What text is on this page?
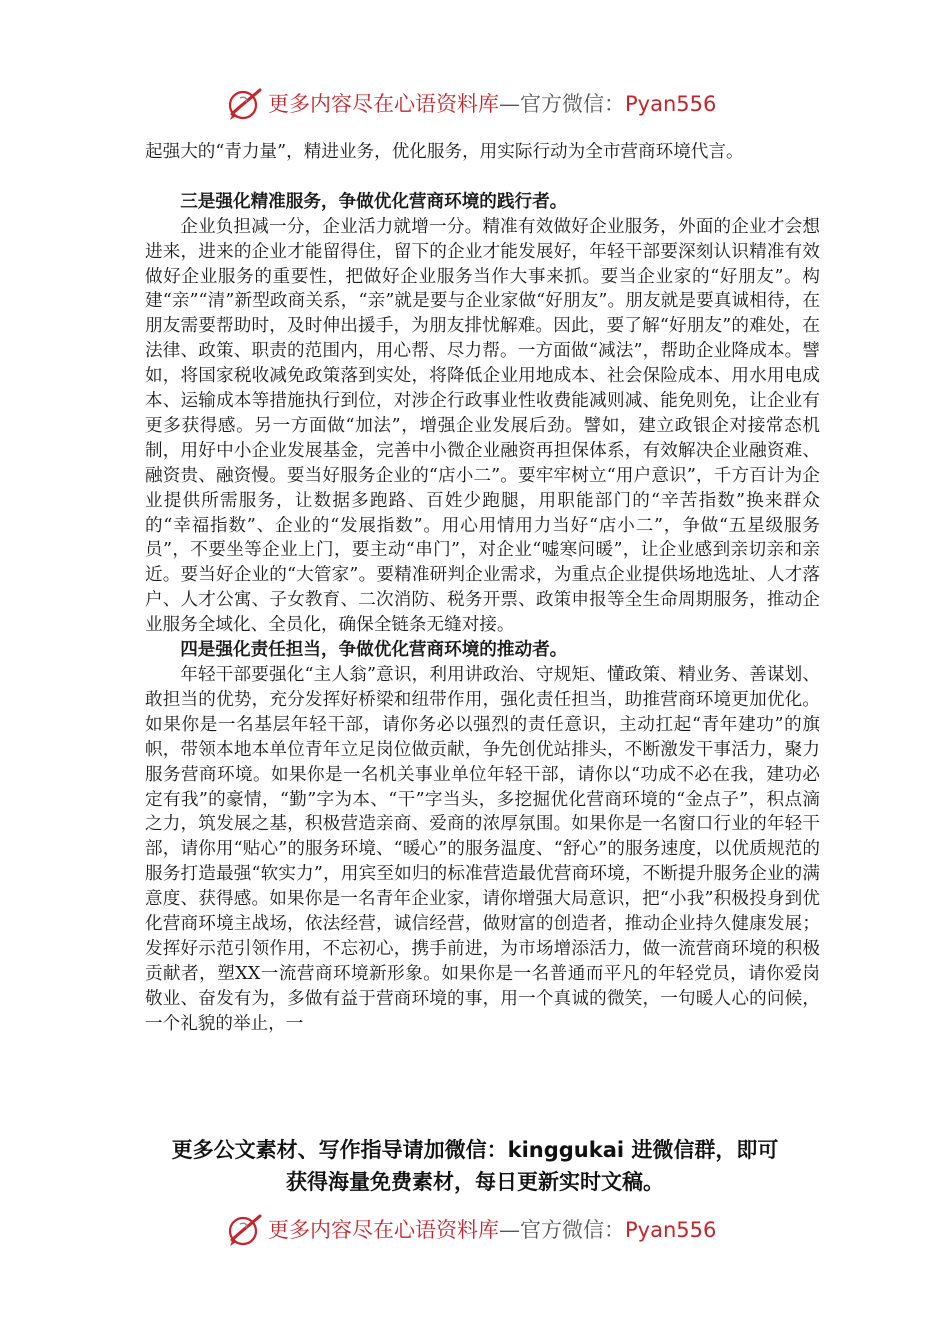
更多内容尽在心语资料库—官方微信：Pyan556

起强大的“青力量”，精进业务，优化服务，用实际行动为全市营商环境代言。

三是强化精准服务，争做优化营商环境的践行者。

企业负担减一分，企业活力就增一分。精准有效做好企业服务，外面的企业才会想进来，进来的企业才能留得住，留下的企业才能发展好，年轻干部要深刻认识精准有效做好企业服务的重要性，把做好企业服务当作大事来抓。要当企业家的“好朋友”。构建“亲”“清”新型政商关系，“亲”就是要与企业家做“好朋友”。朋友就是要真诚相待，在朋友需要帮助时，及时伸出援手，为朋友排忧解难。因此，要了解“好朋友”的难处，在法律、政策、职责的范围内，用心帮、尽力帮。一方面做“减法”，帮助企业降成本。譬如，将国家税收减免政策落到实处，将降低企业用地成本、社会保险成本、用水用电成本、运输成本等措施执行到位，对涉企行政事业性收费能减则减、能免则免，让企业有更多获得感。另一方面做“加法”，增强企业发展后劲。譬如，建立政银企对接常态机制，用好中小企业发展基金，完善中小微企业融资再担保体系，有效解决企业融资难、融资贵、融资慢。要当好服务企业的“店小二”。要牢牢树立“用户意识”，千方百计为企业提供所需服务，让数据多跑路、百姓少跑腿，用职能部门的“辛苦指数”换来群众的“幸福指数”、企业的“发展指数”。用心用情用力当好“店小二”，争做“五星级服务员”，不要坐等企业上门，要主动“串门”，对企业“嘘寒问暖”，让企业感到亲切亲和亲近。要当好企业的“大管家”。要精准研判企业需求，为重点企业提供场地选址、人才落户、人才公寓、子女教育、二次消防、税务开票、政策申报等全生命周期服务，推动企业服务全域化、全员化，确保全链条无缝对接。

四是强化责任担当，争做优化营商环境的推动者。

年轻干部要强化“主人翁”意识，利用讲政治、守规矩、懂政策、精业务、善谋划、敢担当的优势，充分发挥好桥梁和纽带作用，强化责任担当，助推营商环境更加优化。如果你是一名基层年轻干部，请你务必以强烈的责任意识，主动扛起“青年建功”的旗帜，带领本地本单位青年立足岗位做贡献，争先创优站排头，不断激发干事活力，聚力服务营商环境。如果你是一名机关事业单位年轻干部，请你以“功成不必在我，建功必定有我”的豪情，“勤”字为本、“干”字当头，多挖掘优化营商环境的“金点子”，积点滴之力，筑发展之基，积极营造亲商、爱商的浓厚氛围。如果你是一名窗口行业的年轻干部，请你用“贴心”的服务环境、“暖心”的服务温度、“舒心”的服务速度，以优质规范的服务打造最强“软实力”，用宾至如归的标准营造最优营商环境，不断提升服务企业的满意度、获得感。如果你是一名青年企业家，请你增强大局意识，把“小我”积极投身到优化营商环境主战场，依法经营，诚信经营，做财富的创造者，推动企业持久健康发展；发挥好示范引领作用，不忘初心，携手前进，为市场增添活力，做一流营商环境的积极贡献者，塑XX一流营商环境新形象。如果你是一名普通而平凡的年轻党员，请你爱岗敬业、奋发有为，多做有益于营商环境的事，用一个真诚的微笑，一句暖人心的问候，一个礼貌的举止，一

更多公文素材、写作指导请加微信：kinggukai 进微信群，即可
获得海量免费素材，每日更新实时文稿。
更多内容尽在心语资料库—官方微信：Pyan556
